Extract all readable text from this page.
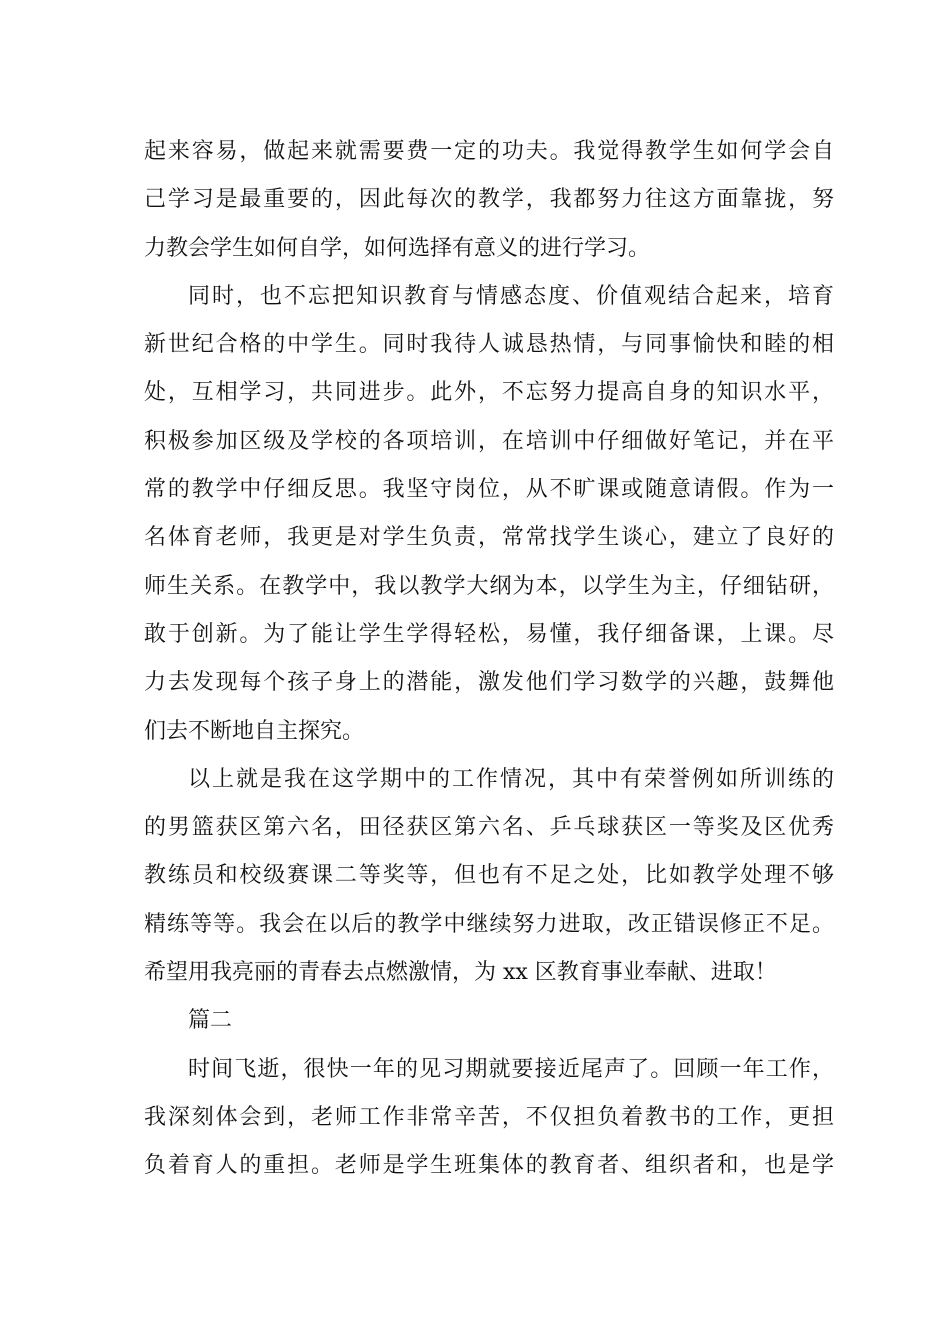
起来容易，做起来就需要费一定的功夫。我觉得教学生如何学会自
己学习是最重要的，因此每次的教学，我都努力往这方面靠拢，努
力教会学生如何自学，如何选择有意义的进行学习。
同时，也不忘把知识教育与情感态度、价值观结合起来，培育
新世纪合格的中学生。同时我待人诚恳热情，与同事愉快和睦的相
处，互相学习，共同进步。此外，不忘努力提高自身的知识水平，
积极参加区级及学校的各项培训，在培训中仔细做好笔记，并在平
常的教学中仔细反思。我坚守岗位，从不旷课或随意请假。作为一
名体育老师，我更是对学生负责，常常找学生谈心，建立了良好的
师生关系。在教学中，我以教学大纲为本，以学生为主，仔细钻研，
敢于创新。为了能让学生学得轻松，易懂，我仔细备课，上课。尽
力去发现每个孩子身上的潜能，激发他们学习数学的兴趣，鼓舞他
们去不断地自主探究。
以上就是我在这学期中的工作情况，其中有荣誉例如所训练的
的男篮获区第六名，田径获区第六名、乒乓球获区一等奖及区优秀
教练员和校级赛课二等奖等，但也有不足之处，比如教学处理不够
精练等等。我会在以后的教学中继续努力进取，改正错误修正不足。
希望用我亮丽的青春去点燃激情，为 xx 区教育事业奉献、进取！
篇二
时间飞逝，很快一年的见习期就要接近尾声了。回顾一年工作，
我深刻体会到，老师工作非常辛苦，不仅担负着教书的工作，更担
负着育人的重担。老师是学生班集体的教育者、组织者和，也是学
